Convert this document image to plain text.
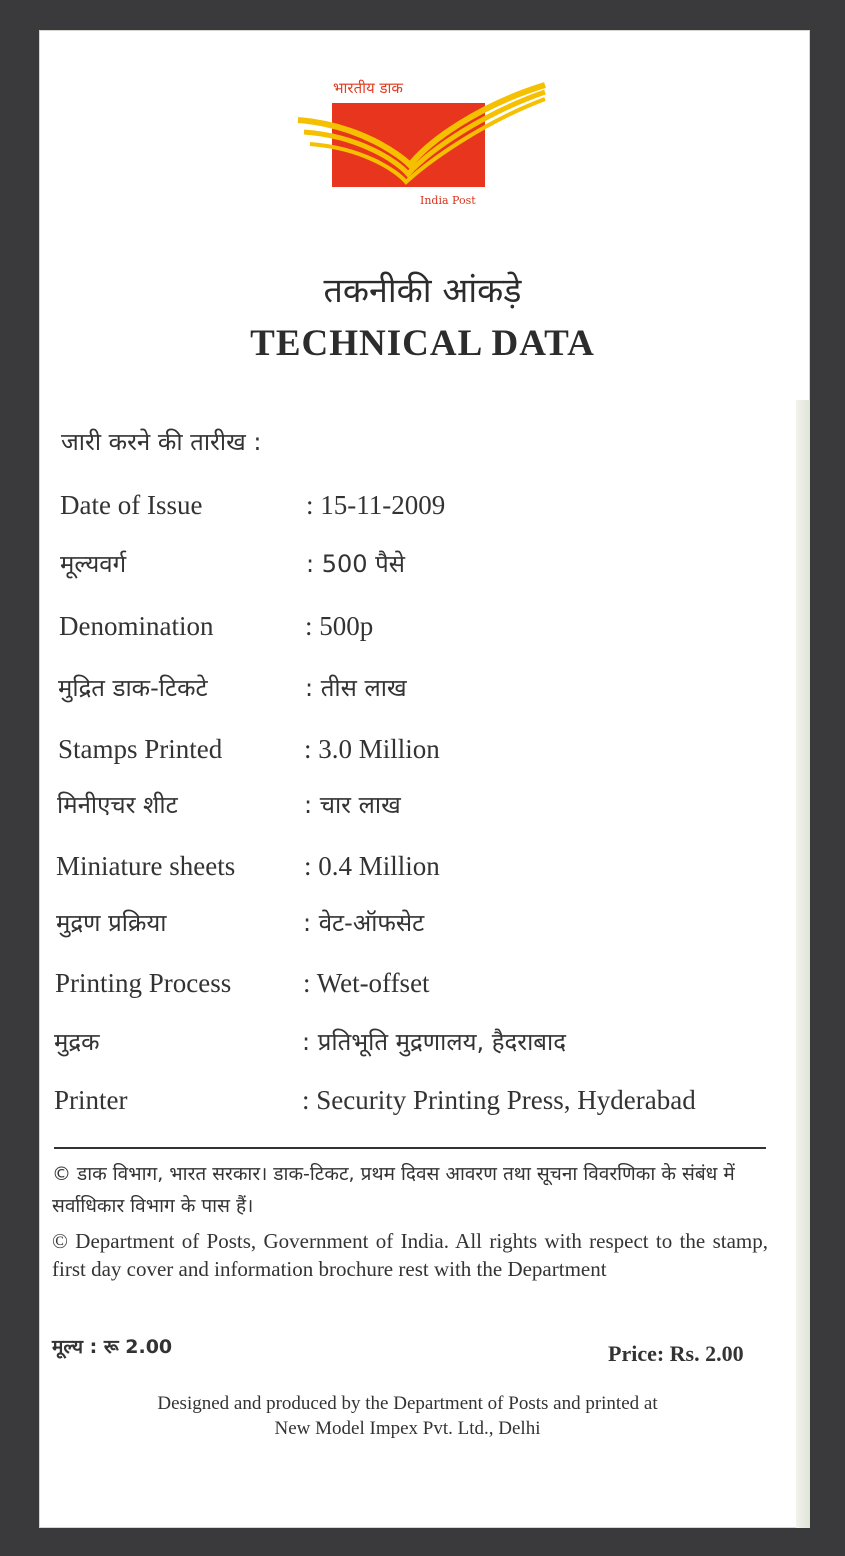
भारतीय डाक
India Post
तकनीकी आंकड़े
TECHNICAL DATA
जारी करने की तारीख :
Date of Issue	: 15-11-2009
मूल्यवर्ग	: 500 पैसे
Denomination	: 500p
मुद्रित डाक-टिकटे	: तीस लाख
Stamps Printed	: 3.0 Million
मिनीएचर शीट	: चार लाख
Miniature sheets	: 0.4 Million
मुद्रण प्रक्रिया	: वेट-ऑफसेट
Printing Process	: Wet-offset
मुद्रक	: प्रतिभूति मुद्रणालय, हैदराबाद
Printer	: Security Printing Press, Hyderabad
© डाक विभाग, भारत सरकार। डाक-टिकट, प्रथम दिवस आवरण तथा सूचना विवरणिका के संबंध में सर्वाधिकार विभाग के पास हैं।
© Department of Posts, Government of India. All rights with respect to the stamp, first day cover and information brochure rest with the Department
मूल्य : रू 2.00	Price: Rs. 2.00
Designed and produced by the Department of Posts and printed at
New Model Impex Pvt. Ltd., Delhi
